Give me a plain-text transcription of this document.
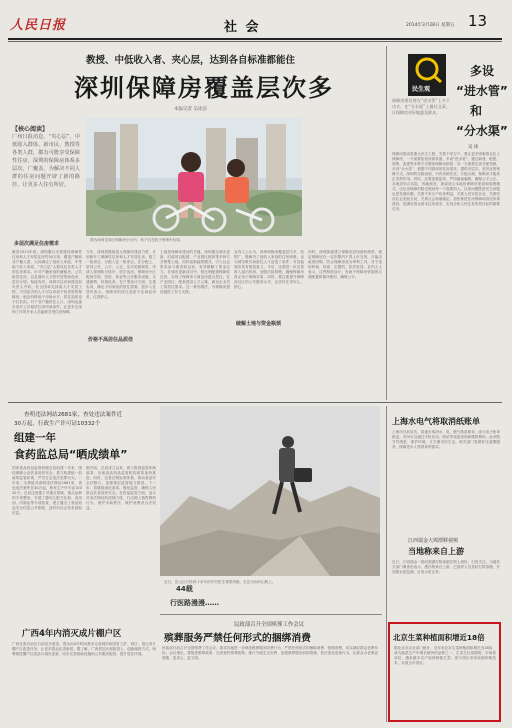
人民日报	社 会	2014年3月28日 星期五 13
教授、中低收入者、夹心层，达到各自标准都能住
深圳保障房覆盖层次多
本报记者 吴冰洁
【核心阅读】
广州日报消息，“夹心层”，中低收入群体、新市民、教授等各类人群，都有可能享受保障性住房，深圳的保障房体系多层次、广覆盖，为解决不同人群的住房问题开辟了新的路径，让更多人住有所居。
图为深圳龙岗区保障房小区内，孩子们在院子里骑车玩耍。
多层次满足住房需求
截至2013年底，深圳累计安排建设保障性住房和人才安居住房约30万套，覆盖户籍和非户籍人群，大体满足了低收入家庭、中等偏下收入家庭、“夹心层”人群以及各类人才的住房需求。针对户籍家庭的廉租房、公共租赁住房，以及面向人才的安居型商品房，层次分明，衔接有序。深圳市住房和建设局负责人介绍，在全国率先探索人才安居工程，不同层次的人才可以申请不同类型的保障房，租金价格低于市场水平，居住品质也不打折扣。对于非户籍常住人口，深圳也逐步放开公共租赁住房申请条件，让更多在深圳工作的外来人员能够享受住房保障。
今年，深圳将继续加大保障房建设力度，计划新开工保障性住房和人才安居住房，竣工一批项目，分配入住一批项目。在分配上，坚持公开、公平、公正，实行轮候制度，申请人按照积分排序，依次选房。保障房小区配套学校、医院、商业等公共服务设施，交通便利，环境优美。在户型设计方面，注重实用，满足不同家庭的居住需要。很多入住居民表示，保障房的居住品质不比商品房差，住得舒心。
价格不高居住品质佳
土地是保障房建设的关键。深圳通过城市更新、旧改项目配建、产业园区配套等多种方式筹集土地，同时创新融资模式，引入社会资本参与建设和运营，有效缓解了资金压力。在城市更新项目中，按比例配建保障性住房，实现了保障房与商品房混合居住。在产业园区，配套建设人才公寓，满足企业员工的居住需求。这一系列做法，为保障房建设提供了有力支撑。
业内人士认为，深圳保障房覆盖层次多、范围广，既解决了低收入家庭的住房困难，也为城市吸引和留住人才创造了条件，对其他城市具有借鉴意义。今后，还需进一步完善准入退出机制，加强后续管理，确保保障房真正用于保障对象。同时，要注重提升保障房社区的公共服务水平，让居民住得安心、舒心。
破解土地与资金瓶颈
同时，深圳探索建立保障房封闭流转制度，规定保障房在一定年限内不得上市交易，只能由政府回购，防止保障房成为牟利工具。对于违规转租、转借、空置的，依法收回。业内人士表示，这些制度设计，有助于保障房资源的合理配置和循环使用，确保公平。
民生观
多设
“进水管”
和
“分水渠”
吴 冰
保障房建设要在“进水管”上多下功夫，在“分水渠”上做好文章，让保障房更好地惠及群众。
保障房建设是重大民生工程，关系千家万户。要让更多困难群众住上保障房，一方面要拓宽房源渠道，多设“进水管”，通过新建、配建、收购、改建等多种方式增加保障房供给；另一方面要完善分配机制，多设“分水渠”，根据不同群体的住房需求，提供多层次、差异化的保障方式。深圳的实践表明，只有房源充足、分配合理，保障房才能真正发挥作用。同时，还要加强监管，严防骗租骗购，确保公平公正。各地应结合实际，因地制宜，探索适合本地的保障房建设和管理模式，让住房保障的阳光照到每一个需要的人。住房问题既是民生问题也是发展问题，关系千家万户切身利益，关系人民安居乐业，关系经济社会发展全局，关系社会和谐稳定。加快推进住房保障和供应体系建设，是满足群众基本住房需求、实现全体人民住有所居目标的重要任务。
查明违法网站2681家，查处违法案件近
30万起，行政生产许可证10332个
组建一年
食药监总局“晒成绩单”
国家食品药品监督管理总局组建一年来，围绕保障公众饮食用药安全，着力构建统一权威的监管体系，严厉打击违法犯罪行为。一年来，全系统共查明违法网站2681家，查处违法案件近30万起，核发生产许可证10332个。总局还加强了对重点领域、重点品种的专项整治，开展了婴幼儿配方乳粉、食用油、肉制品等专项检查，建立健全了食品药品安全信息公开制度，及时向社会发布抽检信息。
据介绍，总局成立以来，着力推进监管体制改革，各地食品药品监管机构改革加快推进。同时，完善法规标准体系，推动食品安全法修订，加强基层监管能力建设。下一步，将继续深化改革，强化监管，确保人民群众饮食用药安全。在药品监管方面，加大对非法网站的清理力度，打击网上销售假药行为，维护市场秩序，保护消费者合法权益。
广西4年内消灭成片棚户区
广西壮族自治区日前出台意见，提出用4年时间基本完成城市和国有工矿、林区、垦区成片棚户区改造任务，让更多群众住进新居。据了解，广西将加大财政投入，创新融资方式，统筹推进棚户区改造与城市更新，同步完善基础设施和公共服务配套，提升居住环境。
近日，在山区行医四十多年的乡村医生背着药箱，走在出诊的山路上。
44载
行医路漫漫……
民政部召开全国殡葬工作会议
殡葬服务严禁任何形式的捆绑消费
民政部日前召开全国殡葬工作会议，要求各地进一步规范殡葬服务收费行为，严禁任何形式的捆绑消费、强制消费，切实减轻群众丧葬负担。会议指出，要推进殡葬改革，完善惠民殡葬政策，推行节地生态安葬，加强殡葬服务机构管理，依法查处违规行为，让群众办丧事更便捷、更省心、更文明。
上海水电气将取消纸账单
上海市日前宣布，将逐步取消水、电、燃气纸质账单，改为电子账单推送。市民可以通过手机应用、网站等渠道查询和缴纳费用。此举既节约纸张、保护环境，又方便市民生活，相关部门将做好过渡期服务，保障老年人等群体的需求。
江西瑞金大埠漂移视频
当地称来自上游
近日，江西瑞金一段河面漂浮物视频在网上流传，引发关注。当地有关部门调查后表示，漂浮物来自上游，已组织人员及时打捞清理，并加强水质监测，目前水质正常。
北京生菜种植面积增近18倍
据北京市农业部门统计，近年来北京生菜种植面积增长近18倍，成为蔬菜生产中增长最快的品种之一。生菜生长周期短、市场需求旺，越来越多农户选择种植生菜，部分园区采用设施种植技术，实现全年供应。
